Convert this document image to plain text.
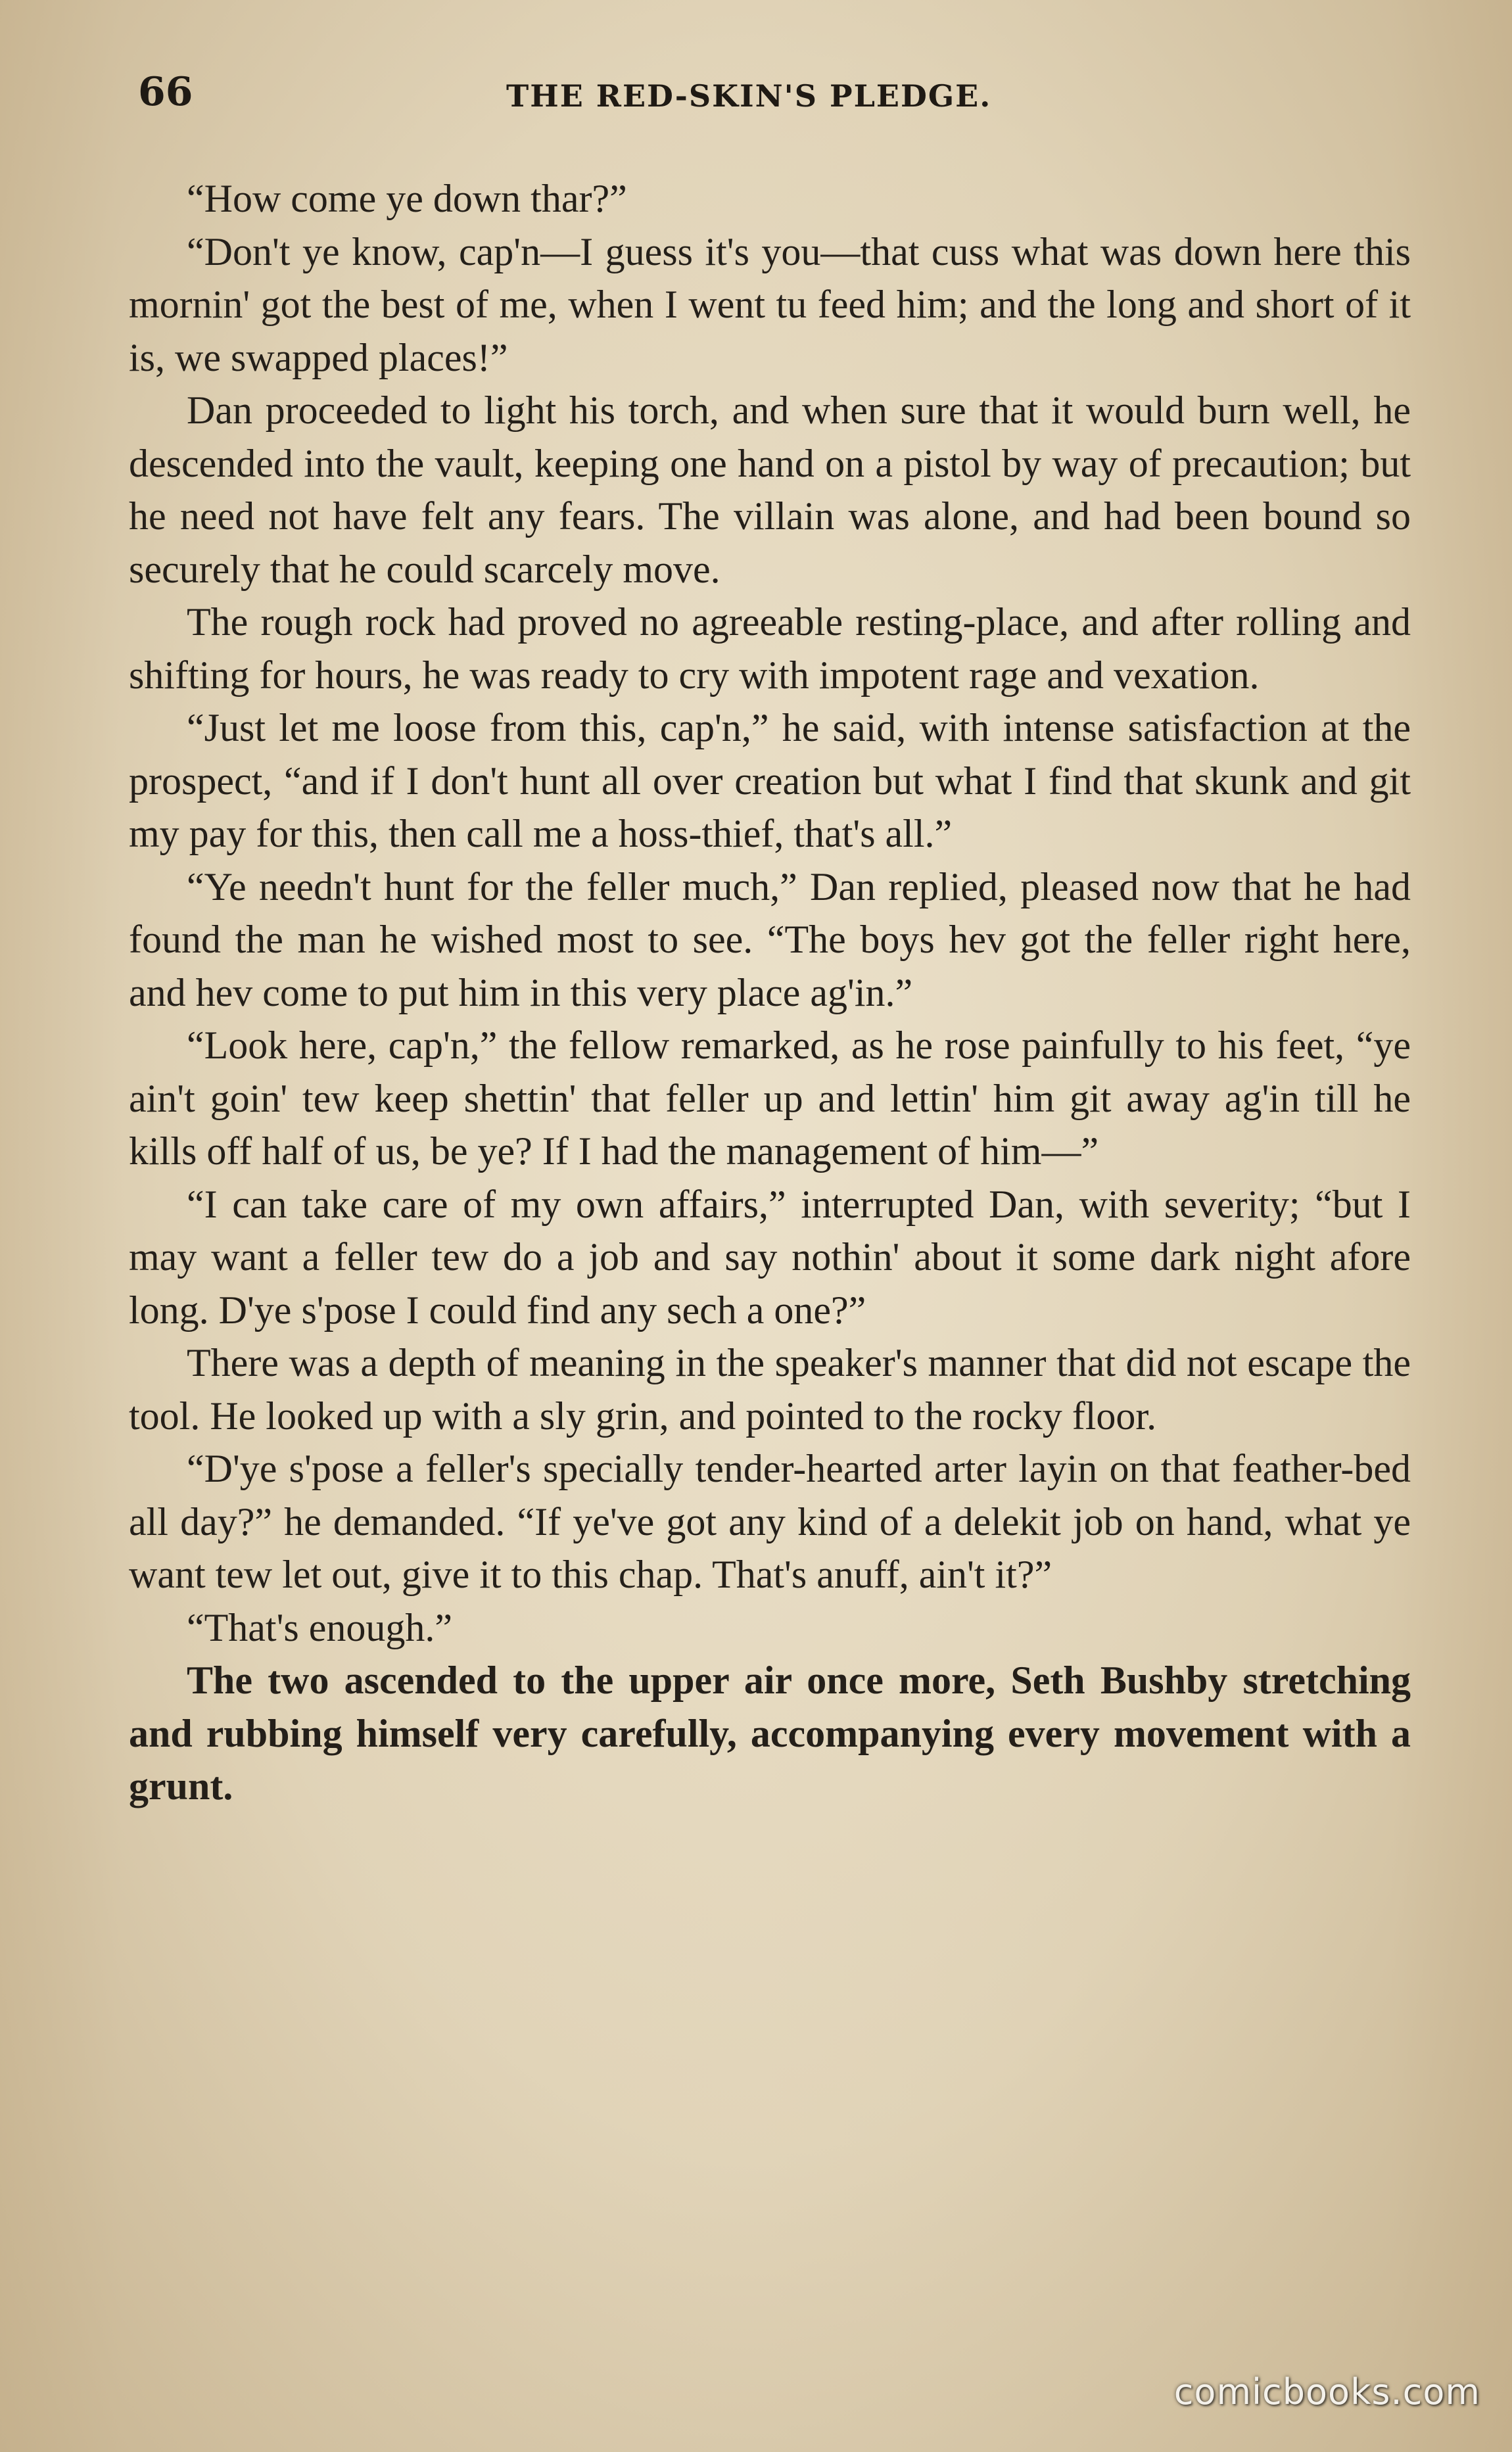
66	THE RED-SKIN'S PLEDGE.

“How come ye down thar?”

“Don't ye know, cap'n—I guess it's you—that cuss what was down here this mornin' got the best of me, when I went tu feed him; and the long and short of it is, we swapped places!”

Dan proceeded to light his torch, and when sure that it would burn well, he descended into the vault, keeping one hand on a pistol by way of precaution; but he need not have felt any fears. The villain was alone, and had been bound so securely that he could scarcely move.

The rough rock had proved no agreeable resting-place, and after rolling and shifting for hours, he was ready to cry with impotent rage and vexation.

“Just let me loose from this, cap'n,” he said, with intense satisfaction at the prospect, “and if I don't hunt all over creation but what I find that skunk and git my pay for this, then call me a hoss-thief, that's all.”

“Ye needn't hunt for the feller much,” Dan replied, pleased now that he had found the man he wished most to see. “The boys hev got the feller right here, and hev come to put him in this very place ag'in.”

“Look here, cap'n,” the fellow remarked, as he rose painfully to his feet, “ye ain't goin' tew keep shettin' that feller up and lettin' him git away ag'in till he kills off half of us, be ye? If I had the management of him—”

“I can take care of my own affairs,” interrupted Dan, with severity; “but I may want a feller tew do a job and say nothin' about it some dark night afore long. D'ye s'pose I could find any sech a one?”

There was a depth of meaning in the speaker's manner that did not escape the tool. He looked up with a sly grin, and pointed to the rocky floor.

“D'ye s'pose a feller's specially tender-hearted arter layin on that feather-bed all day?” he demanded. “If ye've got any kind of a delekit job on hand, what ye want tew let out, give it to this chap. That's anuff, ain't it?”

“That's enough.”

The two ascended to the upper air once more, Seth Bushby stretching and rubbing himself very carefully, accompanying every movement with a grunt.

comicbooks.com
